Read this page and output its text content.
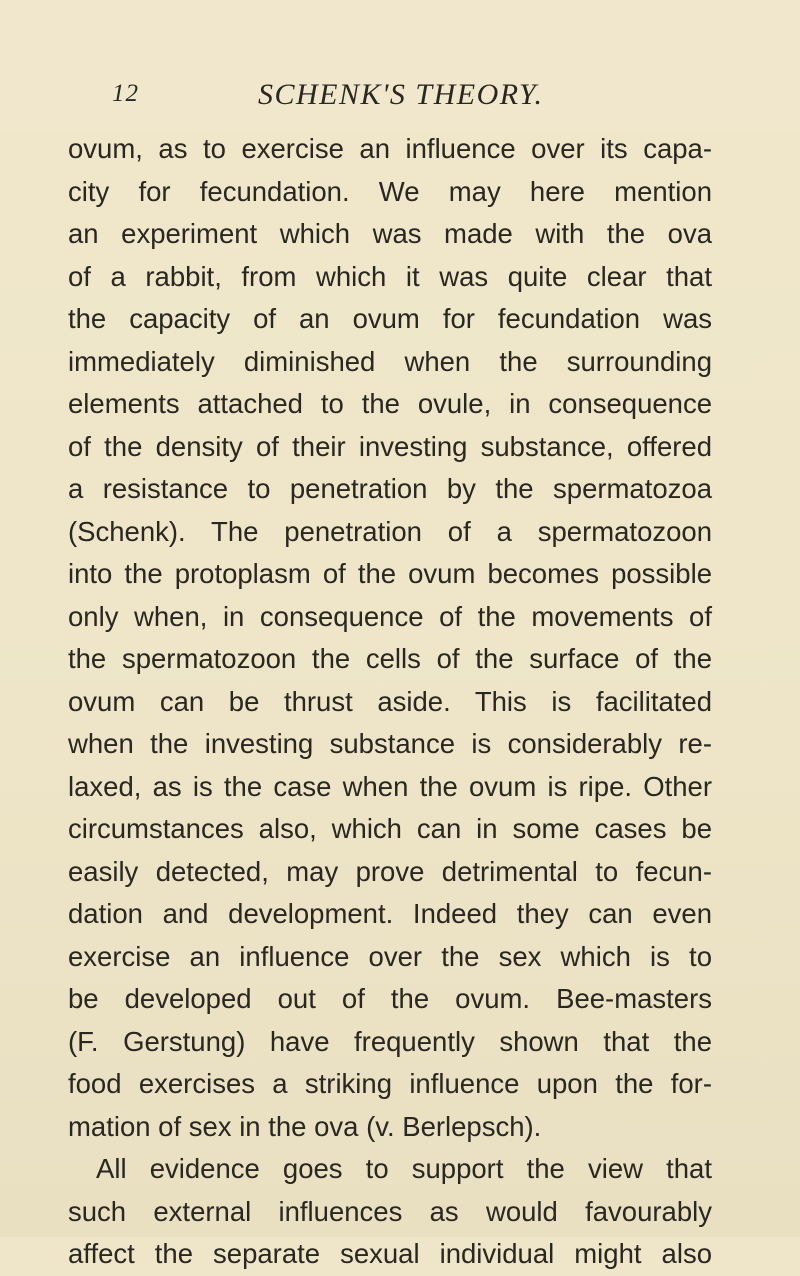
12	SCHENK'S THEORY.
ovum, as to exercise an influence over its capa-
city for fecundation. We may here mention
an experiment which was made with the ova
of a rabbit, from which it was quite clear that
the capacity of an ovum for fecundation was
immediately diminished when the surrounding
elements attached to the ovule, in consequence
of the density of their investing substance, offered
a resistance to penetration by the spermatozoa
(Schenk). The penetration of a spermatozoon
into the protoplasm of the ovum becomes possible
only when, in consequence of the movements of
the spermatozoon the cells of the surface of the
ovum can be thrust aside. This is facilitated
when the investing substance is considerably re-
laxed, as is the case when the ovum is ripe. Other
circumstances also, which can in some cases be
easily detected, may prove detrimental to fecun-
dation and development. Indeed they can even
exercise an influence over the sex which is to
be developed out of the ovum. Bee-masters
(F. Gerstung) have frequently shown that the
food exercises a striking influence upon the for-
mation of sex in the ova (v. Berlepsch).
All evidence goes to support the view that
such external influences as would favourably
affect the separate sexual individual might also
